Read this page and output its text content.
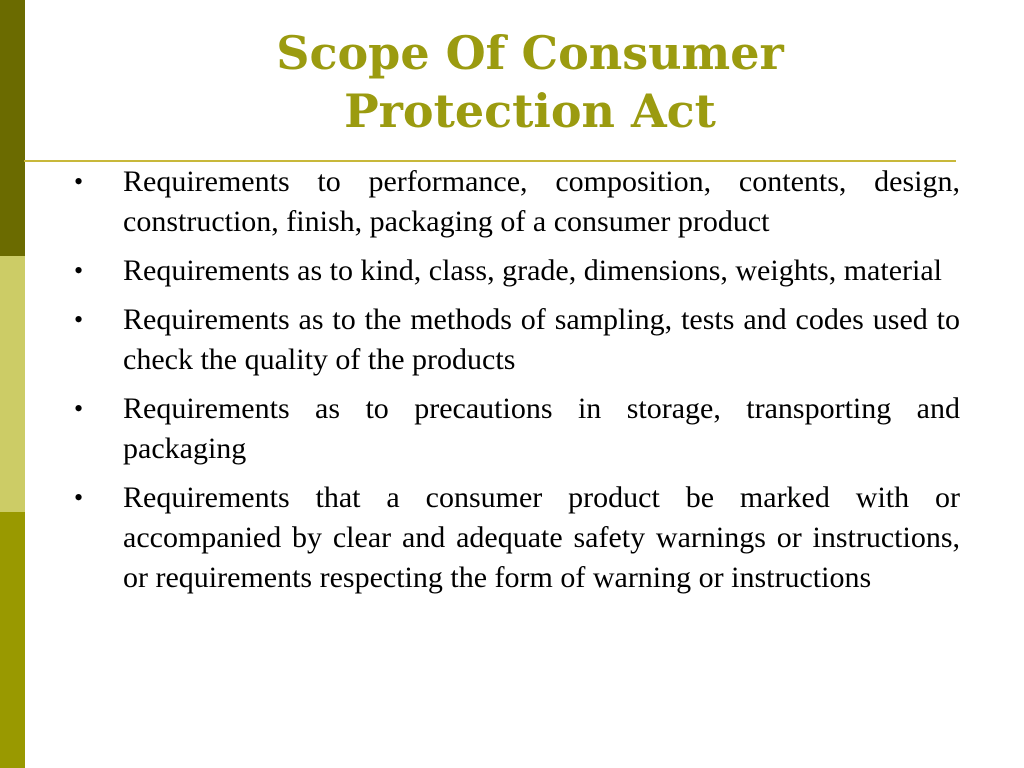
Scope Of Consumer
Protection Act
• Requirements to performance, composition, contents, design, construction, finish, packaging of a consumer product
• Requirements as to kind, class, grade, dimensions, weights, material
• Requirements as to the methods of sampling, tests and codes used to check the quality of the products
• Requirements as to precautions in storage, transporting and packaging
• Requirements that a consumer product be marked with or accompanied by clear and adequate safety warnings or instructions, or requirements respecting the form of warning or instructions
